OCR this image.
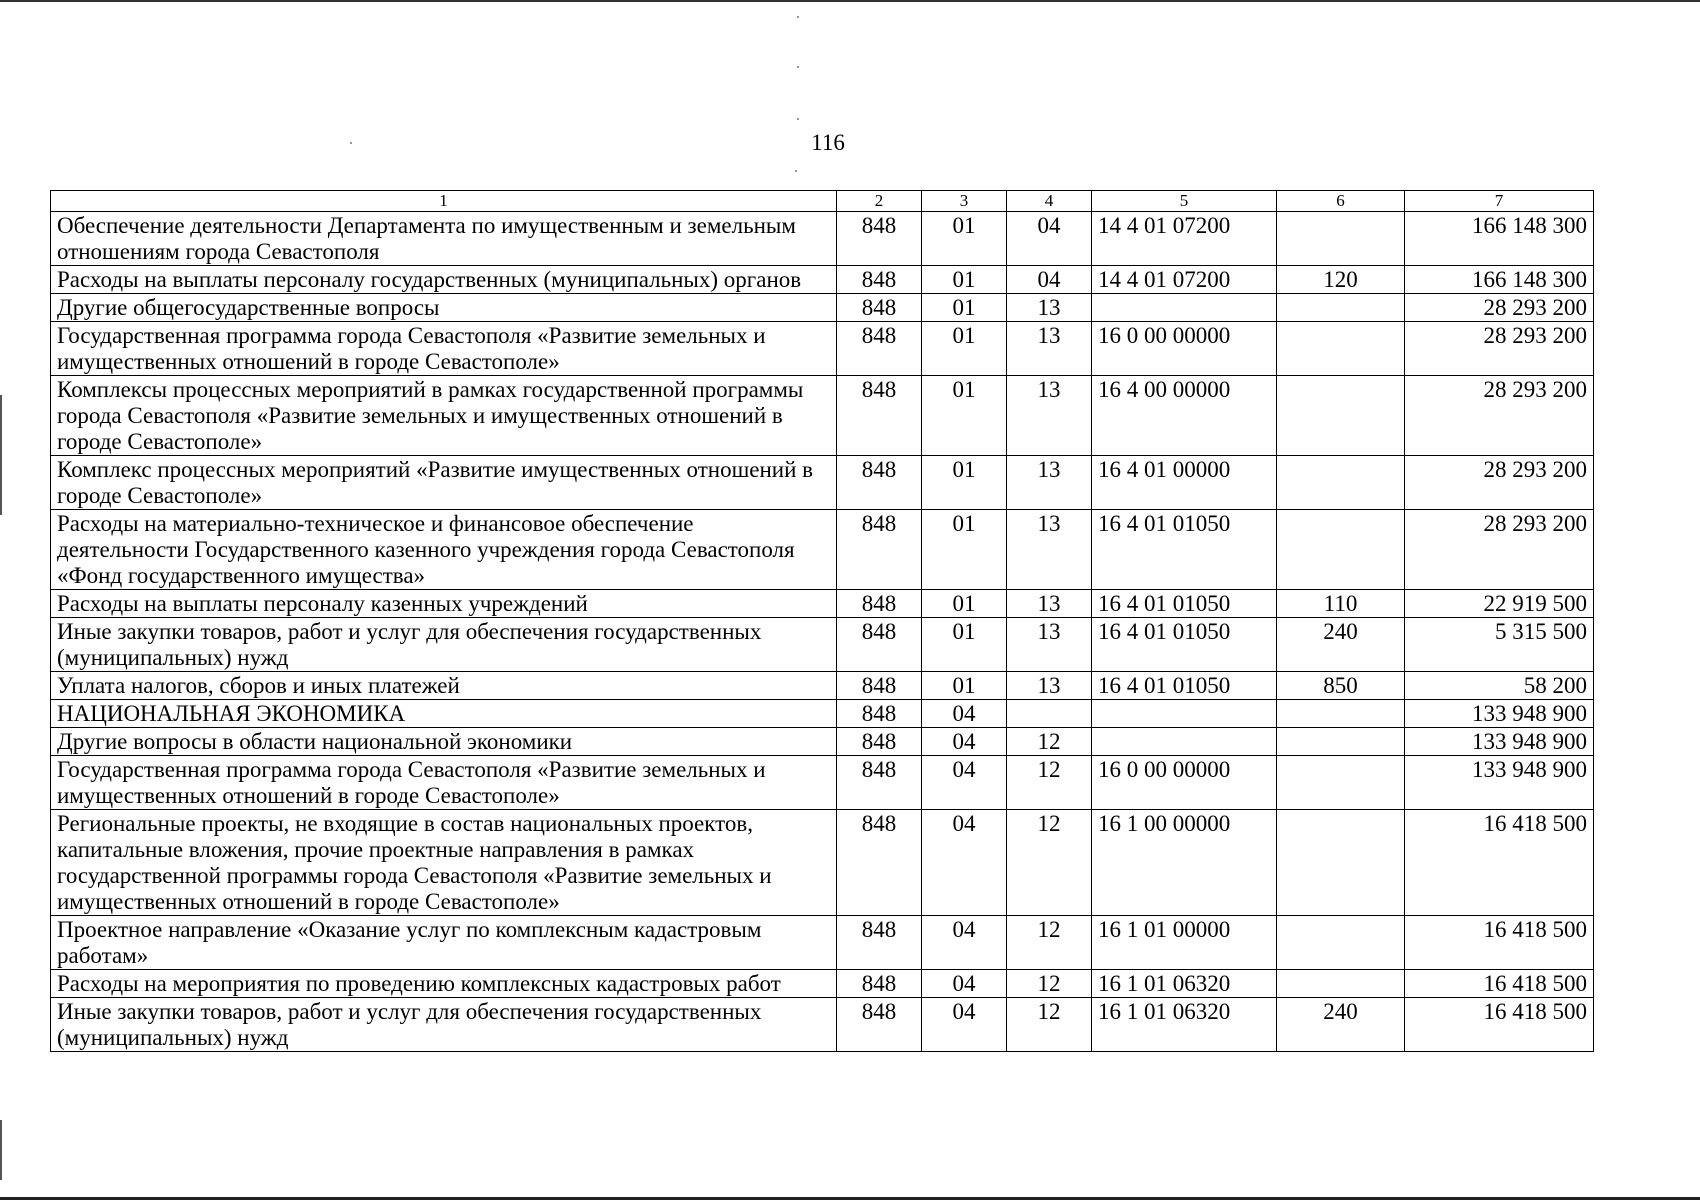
116
1	2	3	4	5	6	7
Обеспечение деятельности Департамента по имущественным и земельным отношениям города Севастополя	848	01	04	14 4 01 07200		166 148 300
Расходы на выплаты персоналу государственных (муниципальных) органов	848	01	04	14 4 01 07200	120	166 148 300
Другие общегосударственные вопросы	848	01	13			28 293 200
Государственная программа города Севастополя «Развитие земельных и имущественных отношений в городе Севастополе»	848	01	13	16 0 00 00000		28 293 200
Комплексы процессных мероприятий в рамках государственной программы города Севастополя «Развитие земельных и имущественных отношений в городе Севастополе»	848	01	13	16 4 00 00000		28 293 200
Комплекс процессных мероприятий «Развитие имущественных отношений в городе Севастополе»	848	01	13	16 4 01 00000		28 293 200
Расходы на материально-техническое и финансовое обеспечение деятельности Государственного казенного учреждения города Севастополя «Фонд государственного имущества»	848	01	13	16 4 01 01050		28 293 200
Расходы на выплаты персоналу казенных учреждений	848	01	13	16 4 01 01050	110	22 919 500
Иные закупки товаров, работ и услуг для обеспечения государственных (муниципальных) нужд	848	01	13	16 4 01 01050	240	5 315 500
Уплата налогов, сборов и иных платежей	848	01	13	16 4 01 01050	850	58 200
НАЦИОНАЛЬНАЯ ЭКОНОМИКА	848	04				133 948 900
Другие вопросы в области национальной экономики	848	04	12			133 948 900
Государственная программа города Севастополя «Развитие земельных и имущественных отношений в городе Севастополе»	848	04	12	16 0 00 00000		133 948 900
Региональные проекты, не входящие в состав национальных проектов, капитальные вложения, прочие проектные направления в рамках государственной программы города Севастополя «Развитие земельных и имущественных отношений в городе Севастополе»	848	04	12	16 1 00 00000		16 418 500
Проектное направление «Оказание услуг по комплексным кадастровым работам»	848	04	12	16 1 01 00000		16 418 500
Расходы на мероприятия по проведению комплексных кадастровых работ	848	04	12	16 1 01 06320		16 418 500
Иные закупки товаров, работ и услуг для обеспечения государственных (муниципальных) нужд	848	04	12	16 1 01 06320	240	16 418 500
